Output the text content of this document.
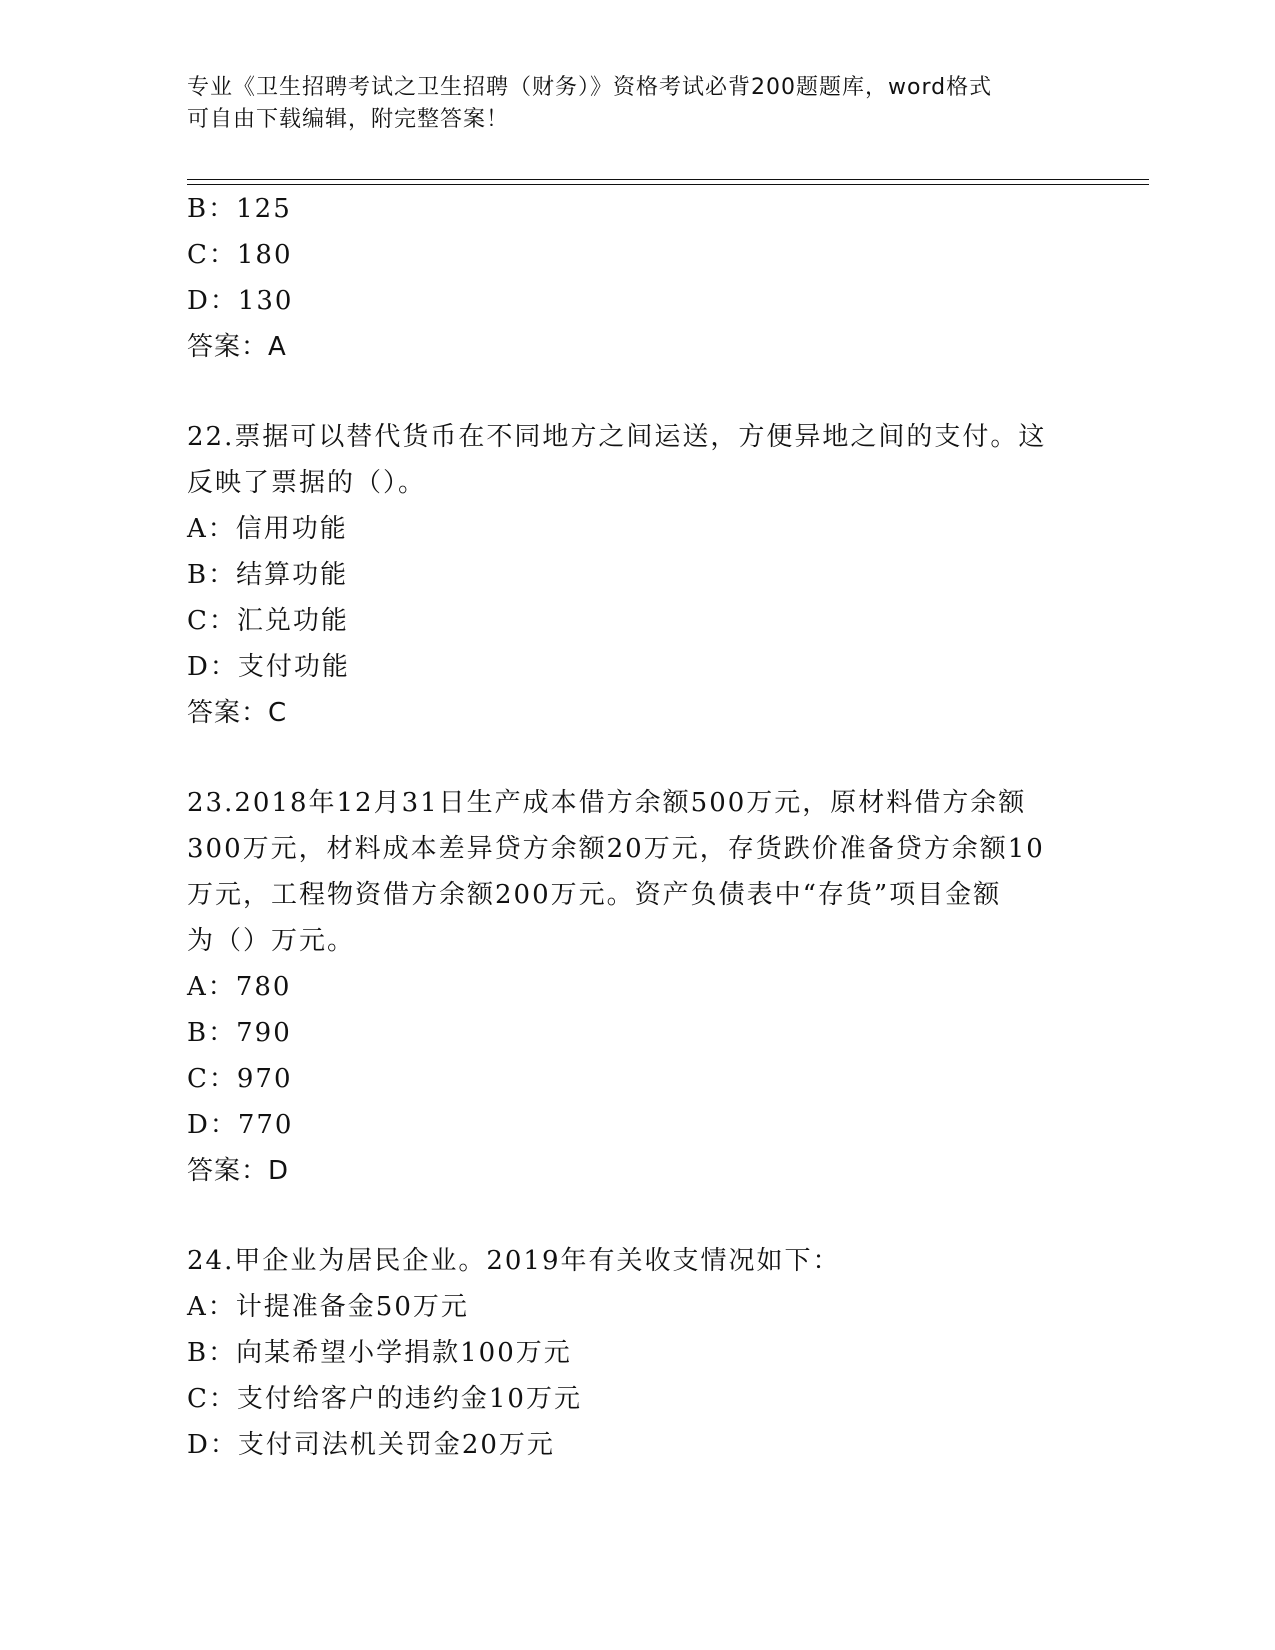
专业《卫生招聘考试之卫生招聘（财务）》资格考试必背200题题库，word格式
可自由下载编辑，附完整答案！
B：125
C：180
D：130
答案：A
22.票据可以替代货币在不同地方之间运送，方便异地之间的支付。这
反映了票据的（）。
A：信用功能
B：结算功能
C：汇兑功能
D：支付功能
答案：C
23.2018年12月31日生产成本借方余额500万元，原材料借方余额
300万元，材料成本差异贷方余额20万元，存货跌价准备贷方余额10
万元，工程物资借方余额200万元。资产负债表中“存货”项目金额
为（）万元。
A：780
B：790
C：970
D：770
答案：D
24.甲企业为居民企业。2019年有关收支情况如下：
A：计提准备金50万元
B：向某希望小学捐款100万元
C：支付给客户的违约金10万元
D：支付司法机关罚金20万元
